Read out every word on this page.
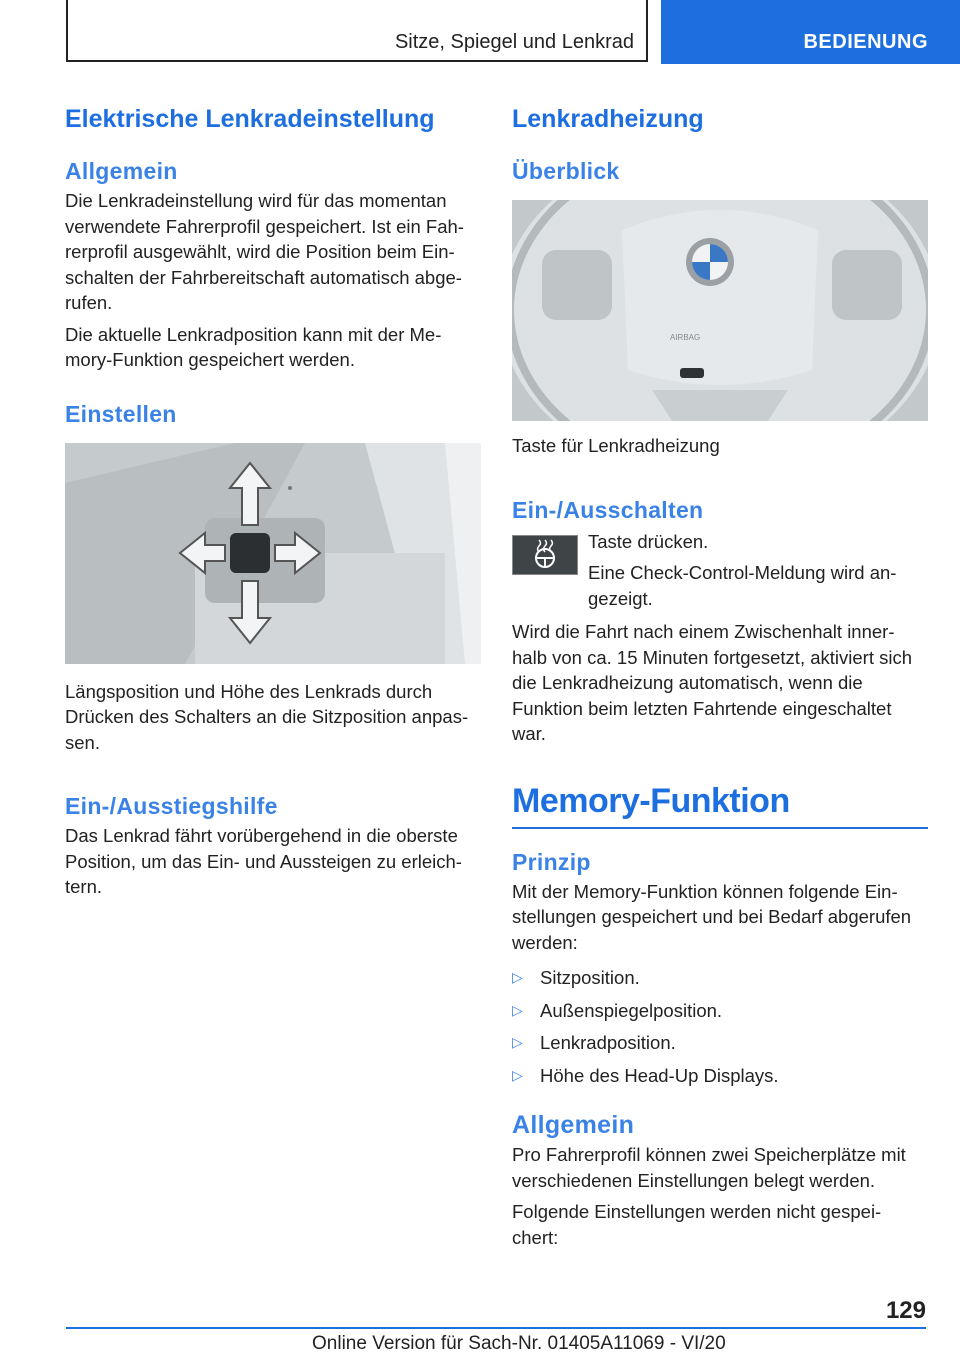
Sitze, Spiegel und Lenkrad	BEDIENUNG
Elektrische Lenkradeinstellung
Allgemein

Die Lenkradeinstellung wird für das momentan verwendete Fahrerprofil gespeichert. Ist ein Fah- rerprofil ausgewählt, wird die Position beim Ein- schalten der Fahrbereitschaft automatisch abge- rufen.

Die aktuelle Lenkradposition kann mit der Me- mory-Funktion gespeichert werden.

Einstellen

Längsposition und Höhe des Lenkrads durch Drücken des Schalters an die Sitzposition anpas- sen.

Ein-/Ausstiegshilfe

Das Lenkrad fährt vorübergehend in die oberste Position, um das Ein- und Aussteigen zu erleich- tern.

Lenkradheizung
Überblick
AIRBAG

Taste für Lenkradheizung

Ein-/Ausschalten

Taste drücken.

Eine Check-Control-Meldung wird an- gezeigt.

Wird die Fahrt nach einem Zwischenhalt inner- halb von ca. 15 Minuten fortgesetzt, aktiviert sich die Lenkradheizung automatisch, wenn die Funktion beim letzten Fahrtende eingeschaltet war.

Memory-Funktion
Prinzip

Mit der Memory-Funktion können folgende Ein- stellungen gespeichert und bei Bedarf abgerufen werden:

▷ Sitzposition.
▷ Außenspiegelposition.
▷ Lenkradposition.
▷ Höhe des Head-Up Displays.
Allgemein

Pro Fahrerprofil können zwei Speicherplätze mit verschiedenen Einstellungen belegt werden.

Folgende Einstellungen werden nicht gespei- chert:

129
Online Version für Sach-Nr. 01405A11069 - VI/20
